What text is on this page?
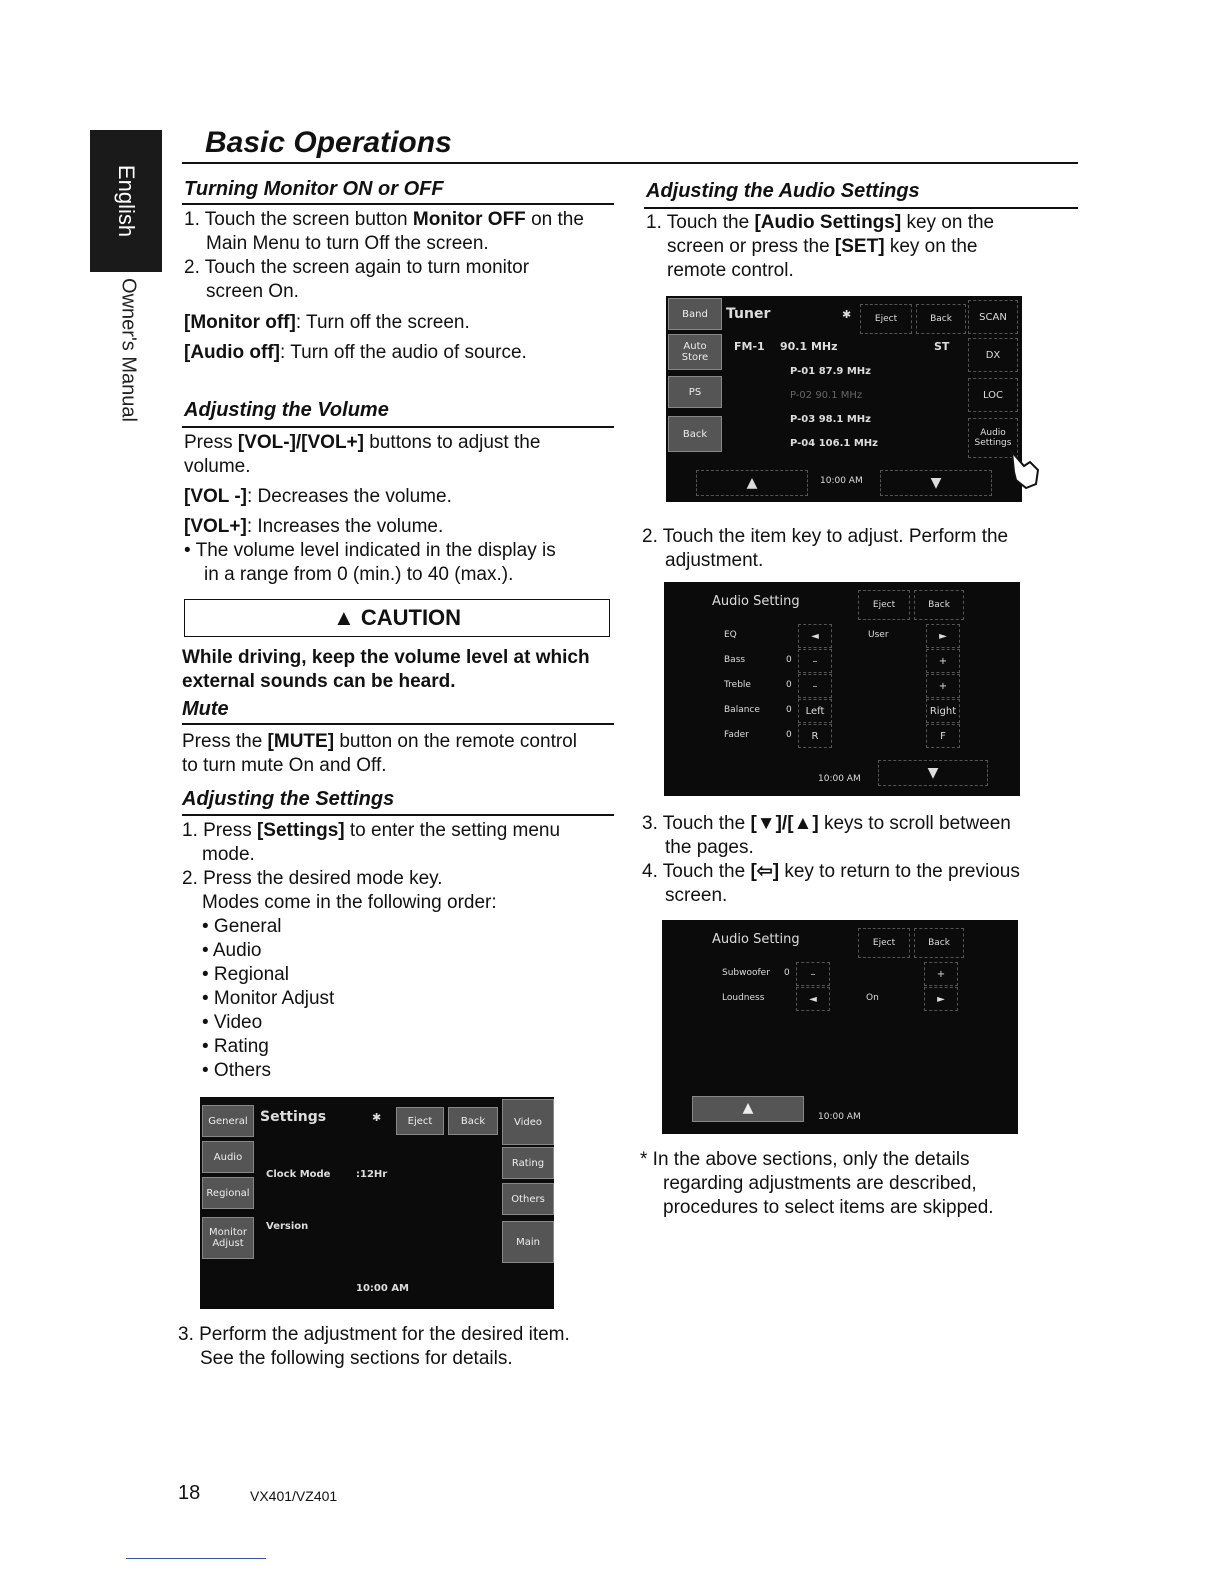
English
Owner's Manual
Basic Operations
Turning Monitor ON or OFF
1. Touch the screen button Monitor OFF on the
Main Menu to turn Off the screen.
2. Touch the screen again to turn monitor
screen On.
[Monitor off]: Turn off the screen.
[Audio off]: Turn off the audio of source.
Adjusting the Volume
Press [VOL-]/[VOL+] buttons to adjust the
volume.
[VOL -]: Decreases the volume.
[VOL+]: Increases the volume.
• The volume level indicated in the display is
in a range from 0 (min.) to 40 (max.).
▲ CAUTION
While driving, keep the volume level at which
external sounds can be heard.
Mute
Press the [MUTE] button on the remote control
to turn mute On and Off.
Adjusting the Settings
1. Press [Settings] to enter the setting menu
mode.
2. Press the desired mode key.
Modes come in the following order:
• General
• Audio
• Regional
• Monitor Adjust
• Video
• Rating
• Others
General
Audio
Regional
Monitor Adjust
Settings	✱	Eject	Back	Video
Rating
Others
Main
Clock Mode	:12Hr
Version
10:00 AM
3. Perform the adjustment for the desired item.
See the following sections for details.
Adjusting the Audio Settings
1. Touch the [Audio Settings] key on the
screen or press the [SET] key on the
remote control.
Band
Auto Store
PS
Back
Tuner	✱	Eject	Back	SCAN
DX
LOC
Audio Settings
FM-1 90.1 MHz	ST
P-01 87.9 MHz
P-02 90.1 MHz
P-03 98.1 MHz
P-04 106.1 MHz
▲	10:00 AM	▼
2. Touch the item key to adjust. Perform the
adjustment.
Audio Setting	Eject	Back
EQ	◄	User	►
Bass	0	–	+
Treble	0	–	+
Balance	0	Left	Right
Fader	0	R	F
10:00 AM	▼
3. Touch the [▼]/[▲] keys to scroll between
the pages.
4. Touch the [⇦] key to return to the previous
screen.
Audio Setting	Eject	Back
Subwoofer 0	–	+
Loudness	◄	On	►
▲
10:00 AM
* In the above sections, only the details
regarding adjustments are described,
procedures to select items are skipped.
18	VX401/VZ401
